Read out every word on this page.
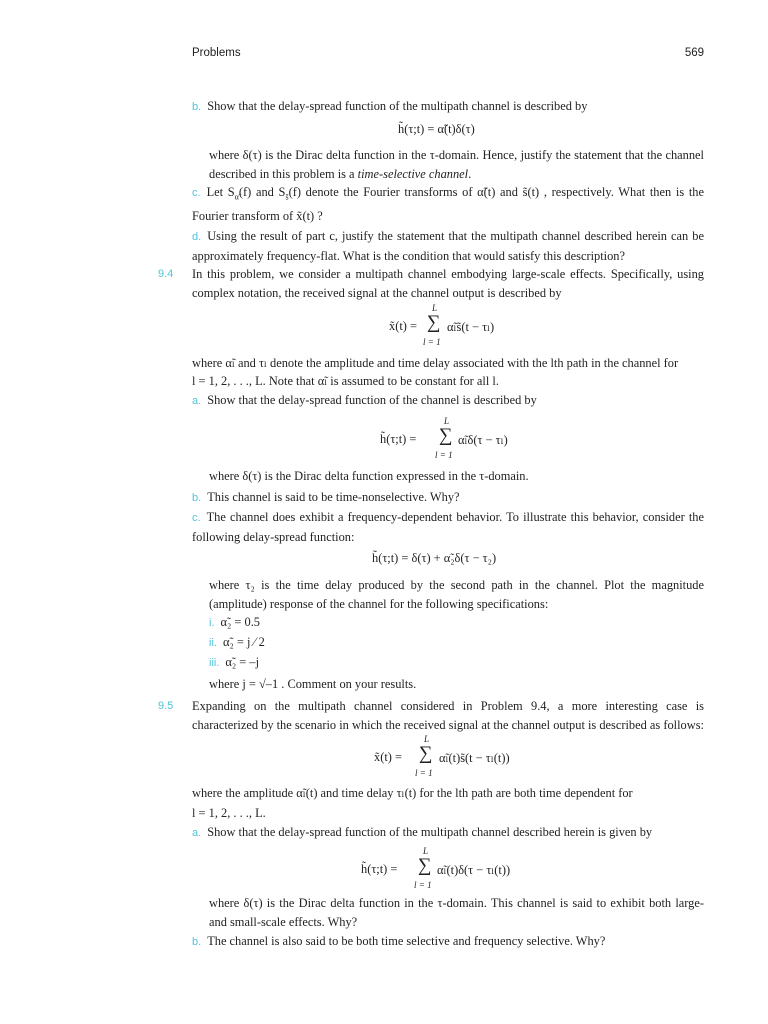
Problems	569
b. Show that the delay-spread function of the multipath channel is described by
h̃(τ;t) = α̃(t)δ(τ)
where δ(τ) is the Dirac delta function in the τ-domain. Hence, justify the statement that the channel described in this problem is a time-selective channel.
c. Let $S_{\alphã}(f)$ and $S_{s̃}(f)$ denote the Fourier transforms of α̃(t) and s̃(t) , respectively. What then is the Fourier transform of x̃(t) ?
d. Using the result of part c, justify the statement that the multipath channel described herein can be approximately frequency-flat. What is the condition that would satisfy this description?
9.4 In this problem, we consider a multipath channel embodying large-scale effects. Specifically, using complex notation, the received signal at the channel output is described by
x̃(t) =
L
∑
l = 1
α̃ₗs̃(t − τₗ)
where α̃ₗ and τₗ denote the amplitude and time delay associated with the lth path in the channel for
l = 1, 2, . . ., L. Note that α̃ₗ is assumed to be constant for all l.
a. Show that the delay-spread function of the channel is described by
h̃(τ;t) =
L
∑
l = 1
α̃ₗδ(τ − τₗ)
where δ(τ) is the Dirac delta function expressed in the τ-domain.
b. This channel is said to be time-nonselective. Why?
c. The channel does exhibit a frequency-dependent behavior. To illustrate this behavior, consider the following delay-spread function:
h̃(τ;t) = δ(τ) + α̃₂δ(τ − τ₂)
where τ₂ is the time delay produced by the second path in the channel. Plot the magnitude (amplitude) response of the channel for the following specifications:
i. α̃₂ = 0.5
ii. α̃₂ = j ⁄ 2
iii. α̃₂ = –j
where j = √–1 . Comment on your results.
9.5 Expanding on the multipath channel considered in Problem 9.4, a more interesting case is characterized by the scenario in which the received signal at the channel output is described as follows:
x̃(t) =
L
∑
l = 1
α̃ₗ(t)s̃(t − τₗ(t))
where the amplitude α̃ₗ(t) and time delay τₗ(t) for the lth path are both time dependent for
l = 1, 2, . . ., L.
a. Show that the delay-spread function of the multipath channel described herein is given by
h̃(τ;t) =
L
∑
l = 1
α̃ₗ(t)δ(τ − τₗ(t))
where δ(τ) is the Dirac delta function in the τ-domain. This channel is said to exhibit both large- and small-scale effects. Why?
b. The channel is also said to be both time selective and frequency selective. Why?
